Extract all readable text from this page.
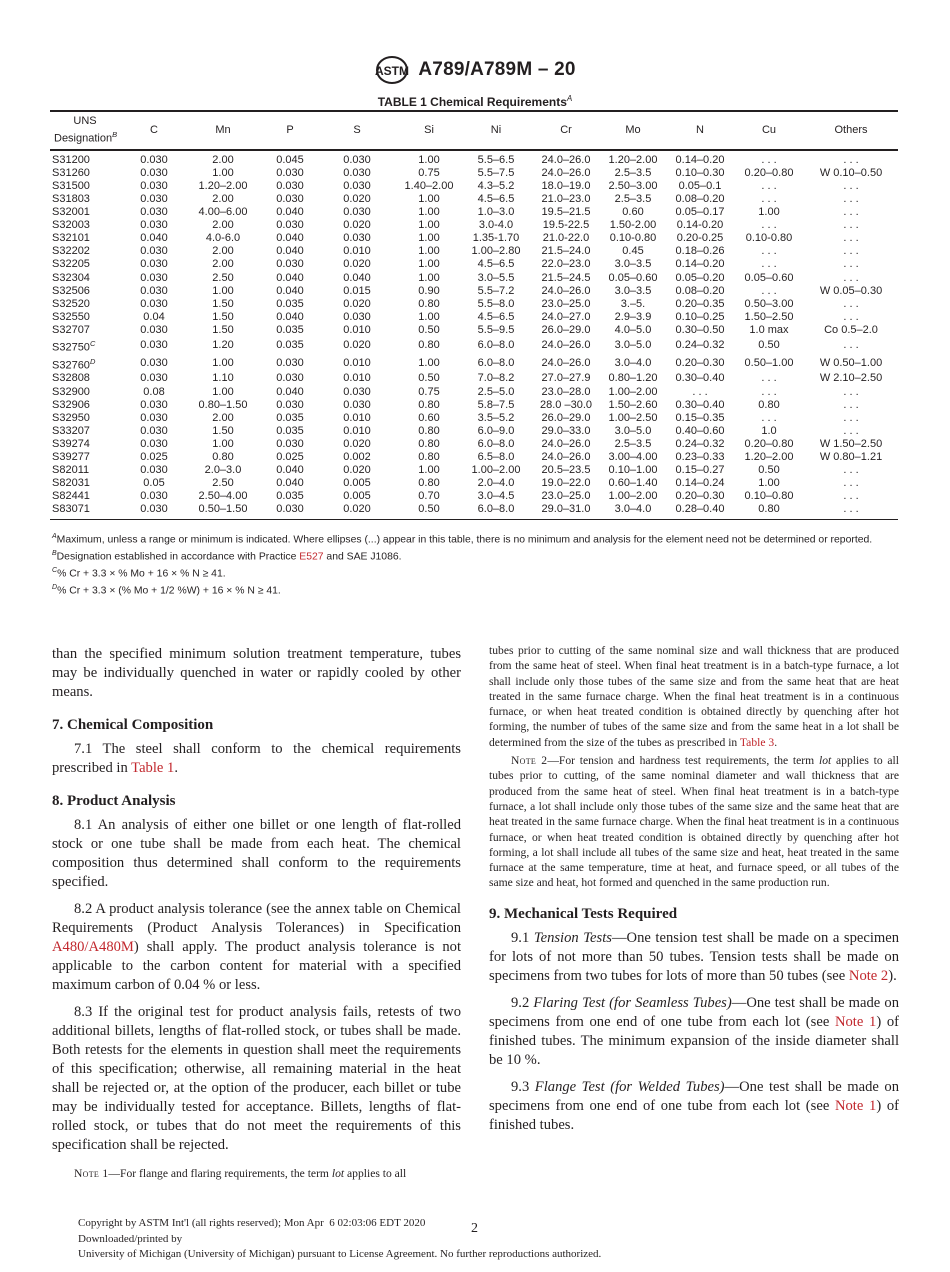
ASTM A789/A789M – 20
TABLE 1 Chemical Requirements$^A$
UNS
Designation$^B$	C	Mn	P	S	Si	Ni	Cr	Mo	N	Cu	Others
S31200	0.030	2.00	0.045	0.030	1.00	5.5–6.5	24.0–26.0	1.20–2.00	0.14–0.20	. . .	. . .
S31260	0.030	1.00	0.030	0.030	0.75	5.5–7.5	24.0–26.0	2.5–3.5	0.10–0.30	0.20–0.80	W 0.10–0.50
S31500	0.030	1.20–2.00	0.030	0.030	1.40–2.00	4.3–5.2	18.0–19.0	2.50–3.00	0.05–0.1	. . .	. . .
S31803	0.030	2.00	0.030	0.020	1.00	4.5–6.5	21.0–23.0	2.5–3.5	0.08–0.20	. . .	. . .
S32001	0.030	4.00–6.00	0.040	0.030	1.00	1.0–3.0	19.5–21.5	0.60	0.05–0.17	1.00	. . .
S32003	0.030	2.00	0.030	0.020	1.00	3.0-4.0	19.5-22.5	1.50-2.00	0.14-0.20	. . .	. . .
S32101	0.040	4.0-6.0	0.040	0.030	1.00	1.35-1.70	21.0-22.0	0.10-0.80	0.20-0.25	0.10-0.80	. . .
S32202	0.030	2.00	0.040	0.010	1.00	1.00–2.80	21.5–24.0	0.45	0.18–0.26	. . .	. . .
S32205	0.030	2.00	0.030	0.020	1.00	4.5–6.5	22.0–23.0	3.0–3.5	0.14–0.20	. . .	. . .
S32304	0.030	2.50	0.040	0.040	1.00	3.0–5.5	21.5–24.5	0.05–0.60	0.05–0.20	0.05–0.60	. . .
S32506	0.030	1.00	0.040	0.015	0.90	5.5–7.2	24.0–26.0	3.0–3.5	0.08–0.20	. . .	W 0.05–0.30
S32520	0.030	1.50	0.035	0.020	0.80	5.5–8.0	23.0–25.0	3.–5.	0.20–0.35	0.50–3.00	. . .
S32550	0.04	1.50	0.040	0.030	1.00	4.5–6.5	24.0–27.0	2.9–3.9	0.10–0.25	1.50–2.50	. . .
S32707	0.030	1.50	0.035	0.010	0.50	5.5–9.5	26.0–29.0	4.0–5.0	0.30–0.50	1.0 max	Co 0.5–2.0
S32750$^C$	0.030	1.20	0.035	0.020	0.80	6.0–8.0	24.0–26.0	3.0–5.0	0.24–0.32	0.50	. . .
S32760$^D$	0.030	1.00	0.030	0.010	1.00	6.0–8.0	24.0–26.0	3.0–4.0	0.20–0.30	0.50–1.00	W 0.50–1.00
S32808	0.030	1.10	0.030	0.010	0.50	7.0–8.2	27.0–27.9	0.80–1.20	0.30–0.40	. . .	W 2.10–2.50
S32900	0.08	1.00	0.040	0.030	0.75	2.5–5.0	23.0–28.0	1.00–2.00	. . .	. . .	. . .
S32906	0.030	0.80–1.50	0.030	0.030	0.80	5.8–7.5	28.0 –30.0	1.50–2.60	0.30–0.40	0.80	. . .
S32950	0.030	2.00	0.035	0.010	0.60	3.5–5.2	26.0–29.0	1.00–2.50	0.15–0.35	. . .	. . .
S33207	0.030	1.50	0.035	0.010	0.80	6.0–9.0	29.0–33.0	3.0–5.0	0.40–0.60	1.0	. . .
S39274	0.030	1.00	0.030	0.020	0.80	6.0–8.0	24.0–26.0	2.5–3.5	0.24–0.32	0.20–0.80	W 1.50–2.50
S39277	0.025	0.80	0.025	0.002	0.80	6.5–8.0	24.0–26.0	3.00–4.00	0.23–0.33	1.20–2.00	W 0.80–1.21
S82011	0.030	2.0–3.0	0.040	0.020	1.00	1.00–2.00	20.5–23.5	0.10–1.00	0.15–0.27	0.50	. . .
S82031	0.05	2.50	0.040	0.005	0.80	2.0–4.0	19.0–22.0	0.60–1.40	0.14–0.24	1.00	. . .
S82441	0.030	2.50–4.00	0.035	0.005	0.70	3.0–4.5	23.0–25.0	1.00–2.00	0.20–0.30	0.10–0.80	. . .
S83071	0.030	0.50–1.50	0.030	0.020	0.50	6.0–8.0	29.0–31.0	3.0–4.0	0.28–0.40	0.80	. . .
$^A$Maximum, unless a range or minimum is indicated. Where ellipses (...) appear in this table, there is no minimum and analysis for the element need not be determined or reported.
$^B$Designation established in accordance with Practice E527 and SAE J1086.
$^C$% Cr + 3.3 × % Mo + 16 × % N ≥ 41.
$^D$% Cr + 3.3 × (% Mo + 1/2 %W) + 16 × % N ≥ 41.

than the specified minimum solution treatment temperature, tubes may be individually quenched in water or rapidly cooled by other means.

7. Chemical Composition

7.1 The steel shall conform to the chemical requirements prescribed in Table 1.

8. Product Analysis

8.1 An analysis of either one billet or one length of flat-rolled stock or one tube shall be made from each heat. The chemical composition thus determined shall conform to the requirements specified.

8.2 A product analysis tolerance (see the annex table on Chemical Requirements (Product Analysis Tolerances) in Specification A480/A480M) shall apply. The product analysis tolerance is not applicable to the carbon content for material with a specified maximum carbon of 0.04 % or less.

8.3 If the original test for product analysis fails, retests of two additional billets, lengths of flat-rolled stock, or tubes shall be made. Both retests for the elements in question shall meet the requirements of this specification; otherwise, all remaining material in the heat shall be rejected or, at the option of the producer, each billet or tube may be individually tested for acceptance. Billets, lengths of flat-rolled stock, or tubes that do not meet the requirements of this specification shall be rejected.

Note 1—For flange and flaring requirements, the term lot applies to all

tubes prior to cutting of the same nominal size and wall thickness that are produced from the same heat of steel. When final heat treatment is in a batch-type furnace, a lot shall include only those tubes of the same size and from the same heat that are heat treated in the same furnace charge. When the final heat treatment is in a continuous furnace, or when heat treated condition is obtained directly by quenching after hot forming, the number of tubes of the same size and from the same heat in a lot shall be determined from the size of the tubes as prescribed in Table 3.

Note 2—For tension and hardness test requirements, the term lot applies to all tubes prior to cutting, of the same nominal diameter and wall thickness that are produced from the same heat of steel. When final heat treatment is in a batch-type furnace, a lot shall include only those tubes of the same size and the same heat that are heat treated in the same furnace charge. When the final heat treatment is in a continuous furnace, or when heat treated condition is obtained directly by quenching after hot forming, a lot shall include all tubes of the same size and heat, heat treated in the same furnace at the same temperature, time at heat, and furnace speed, or all tubes of the same size and heat, hot formed and quenched in the same production run.

9. Mechanical Tests Required

9.1 Tension Tests—One tension test shall be made on a specimen for lots of not more than 50 tubes. Tension tests shall be made on specimens from two tubes for lots of more than 50 tubes (see Note 2).

9.2 Flaring Test (for Seamless Tubes)—One test shall be made on specimens from one end of one tube from each lot (see Note 1) of finished tubes. The minimum expansion of the inside diameter shall be 10 %.

9.3 Flange Test (for Welded Tubes)—One test shall be made on specimens from one end of one tube from each lot (see Note 1) of finished tubes.

Copyright by ASTM Int'l (all rights reserved); Mon Apr  6 02:03:06 EDT 2020
Downloaded/printed by
University of Michigan (University of Michigan) pursuant to License Agreement. No further reproductions authorized.
2
